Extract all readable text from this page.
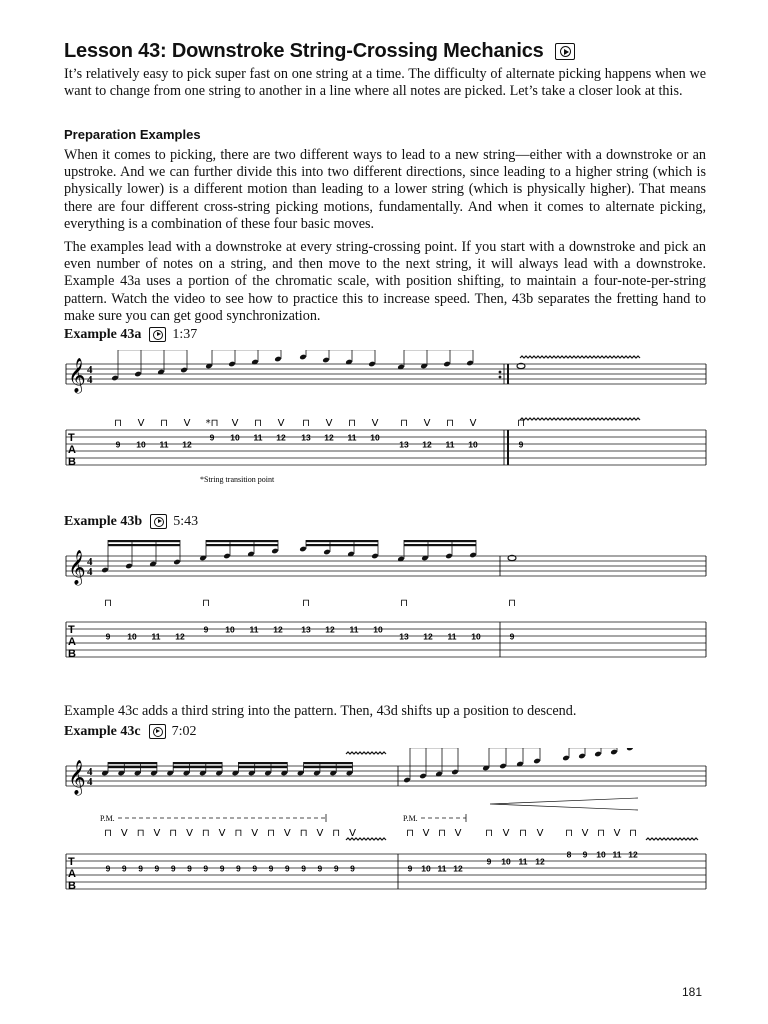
Lesson 43: Downstroke String-Crossing Mechanics
It’s relatively easy to pick super fast on one string at a time. The difficulty of alternate picking happens when we want to change from one string to another in a line where all notes are picked. Let’s take a closer look at this.
Preparation Examples
When it comes to picking, there are two different ways to lead to a new string—either with a downstroke or an upstroke. And we can further divide this into two different directions, since leading to a higher string (which is physically lower) is a different motion than leading to a lower string (which is physically higher). That means there are four different cross-string picking motions, fundamentally. And when it comes to alternate picking, everything is a combination of these four basic moves.
The examples lead with a downstroke at every string-crossing point. If you start with a downstroke and pick an even number of notes on a string, and then move to the next string, it will always lead with a downstroke. Example 43a uses a portion of the chromatic scale, with position shifting, to maintain a four-note-per-string pattern. Watch the video to see how to practice this to increase speed. Then, 43b separates the fretting hand to make sure you can get good synchronization.
Example 43a 1:37
𝄞 4
4
T
A
B
9 10 11 12
9 10 11 12 13 12 11 10
13 12 11 10	9
⊓ V ⊓ V *⊓ V ⊓ V ⊓ V ⊓ V ⊓ V ⊓ V	⊓
*String transition point
Example 43b 5:43
𝄞 4
4
T
A
B
9 10 11 12
9 10 11 12 13 12 11 10
13 12 11 10	9
⊓	⊓	⊓	⊓	⊓
Example 43c adds a third string into the pattern. Then, 43d shifts up a position to descend.
Example 43c 7:02
𝄞 4
4
T
A
B
P.M.	P.M.
⊓ V ⊓ V ⊓ V ⊓ V ⊓ V ⊓ V ⊓ V ⊓ V	⊓ V ⊓ V ⊓ V ⊓ V ⊓ V ⊓ V ⊓
9 9 9 9 9 9 9 9 9 9 9 9 9 9 9 9	9 10 11 12
9 10 11 12
8 9 10 11 12
181
